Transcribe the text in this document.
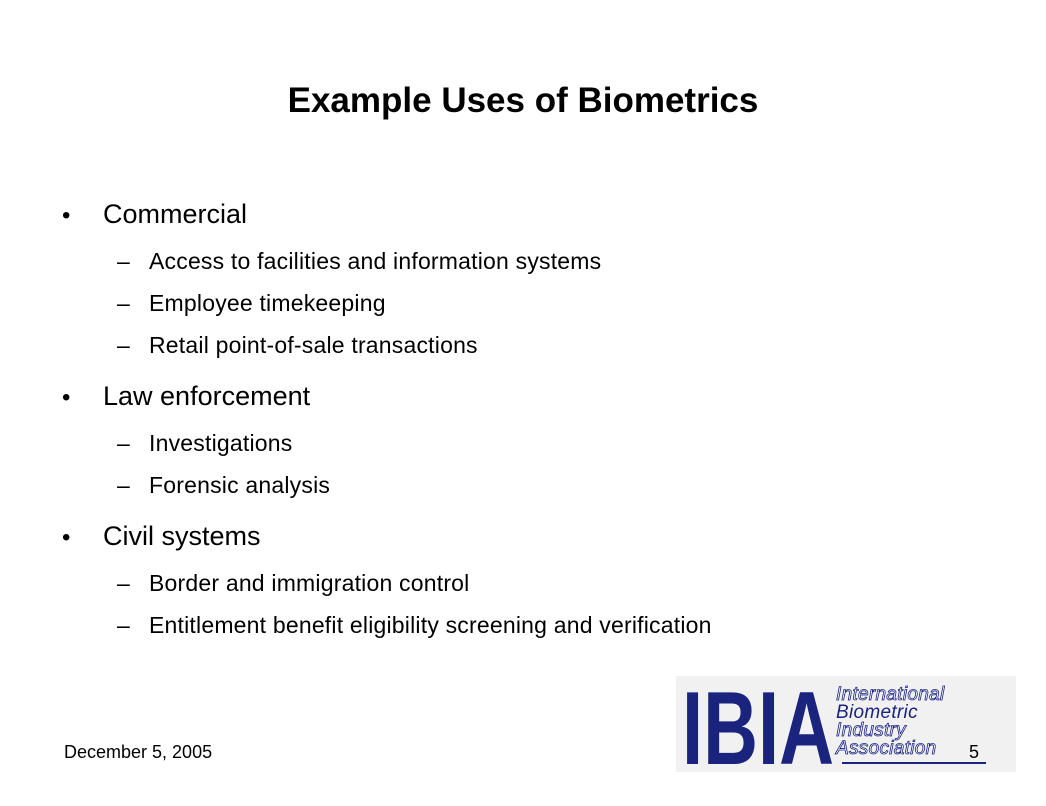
Example Uses of Biometrics
•	Commercial
– Access to facilities and information systems
– Employee timekeeping
– Retail point-of-sale transactions
•	Law enforcement
– Investigations
– Forensic analysis
•	Civil systems
– Border and immigration control
– Entitlement benefit eligibility screening and verification
December 5, 2005	IBIA International
Biometric
Industry
Association	5
